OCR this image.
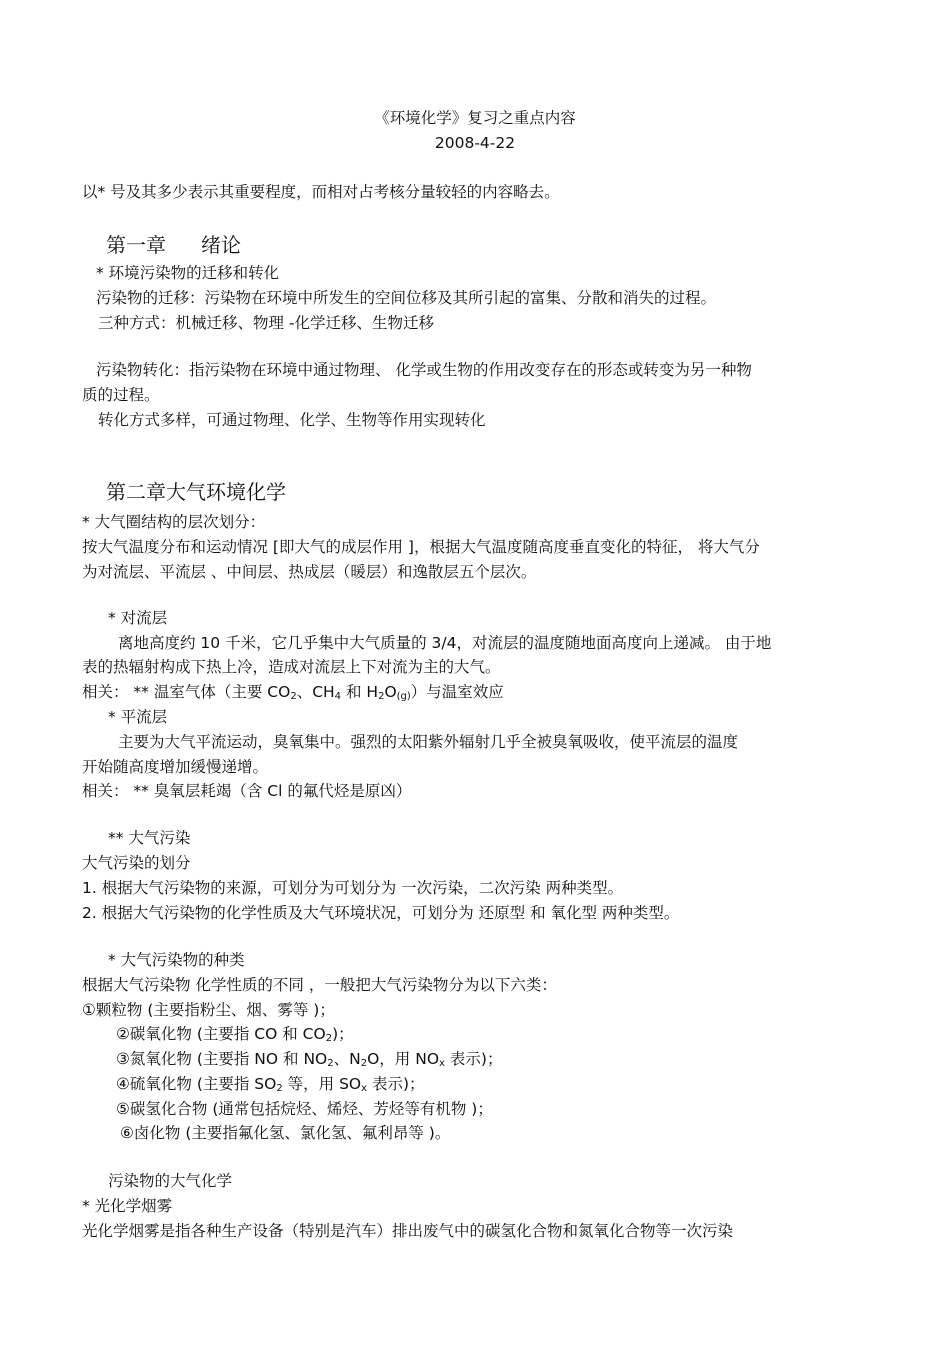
《环境化学》复习之重点内容
2008-4-22
以* 号及其多少表示其重要程度，而相对占考核分量较轻的内容略去。
第一章 绪论
* 环境污染物的迁移和转化
污染物的迁移：污染物在环境中所发生的空间位移及其所引起的富集、分散和消失的过程。
三种方式：机械迁移、物理 -化学迁移、生物迁移
污染物转化：指污染物在环境中通过物理、 化学或生物的作用改变存在的形态或转变为另一种物
质的过程。
转化方式多样，可通过物理、化学、生物等作用实现转化
第二章大气环境化学
* 大气圈结构的层次划分：
按大气温度分布和运动情况 [即大气的成层作用 ]，根据大气温度随高度垂直变化的特征， 将大气分
为对流层、平流层 、中间层、热成层（暖层）和逸散层五个层次。
* 对流层
离地高度约 10 千米，它几乎集中大气质量的 3/4，对流层的温度随地面高度向上递减。 由于地
表的热辐射构成下热上冷，造成对流层上下对流为主的大气。
相关： ** 温室气体（主要 $CO_2$、$CH_4$ 和 $H_2O_{(g)}$）与温室效应
* 平流层
主要为大气平流运动，臭氧集中。强烈的太阳紫外辐射几乎全被臭氧吸收，使平流层的温度
开始随高度增加缓慢递增。
相关： ** 臭氧层耗竭（含 Cl 的氟代烃是原凶）
** 大气污染
大气污染的划分
1. 根据大气污染物的来源，可划分为可划分为 一次污染，二次污染 两种类型。
2. 根据大气污染物的化学性质及大气环境状况，可划分为 还原型 和 氧化型 两种类型。
* 大气污染物的种类
根据大气污染物 化学性质的不同 ，一般把大气污染物分为以下六类：
①颗粒物 (主要指粉尘、烟、雾等 )；
②碳氧化物 (主要指 CO 和 $CO_2$)；
③氮氧化物 (主要指 NO 和 $NO_2$、$N_2O$，用 $NO_x$ 表示)；
④硫氧化物 (主要指 $SO_2$ 等，用 $SO_x$ 表示)；
⑤碳氢化合物 (通常包括烷烃、烯烃、芳烃等有机物 )；
⑥卤化物 (主要指氟化氢、氯化氢、氟利昂等 )。
污染物的大气化学
* 光化学烟雾
光化学烟雾是指各种生产设备（特别是汽车）排出废气中的碳氢化合物和氮氧化合物等一次污染
